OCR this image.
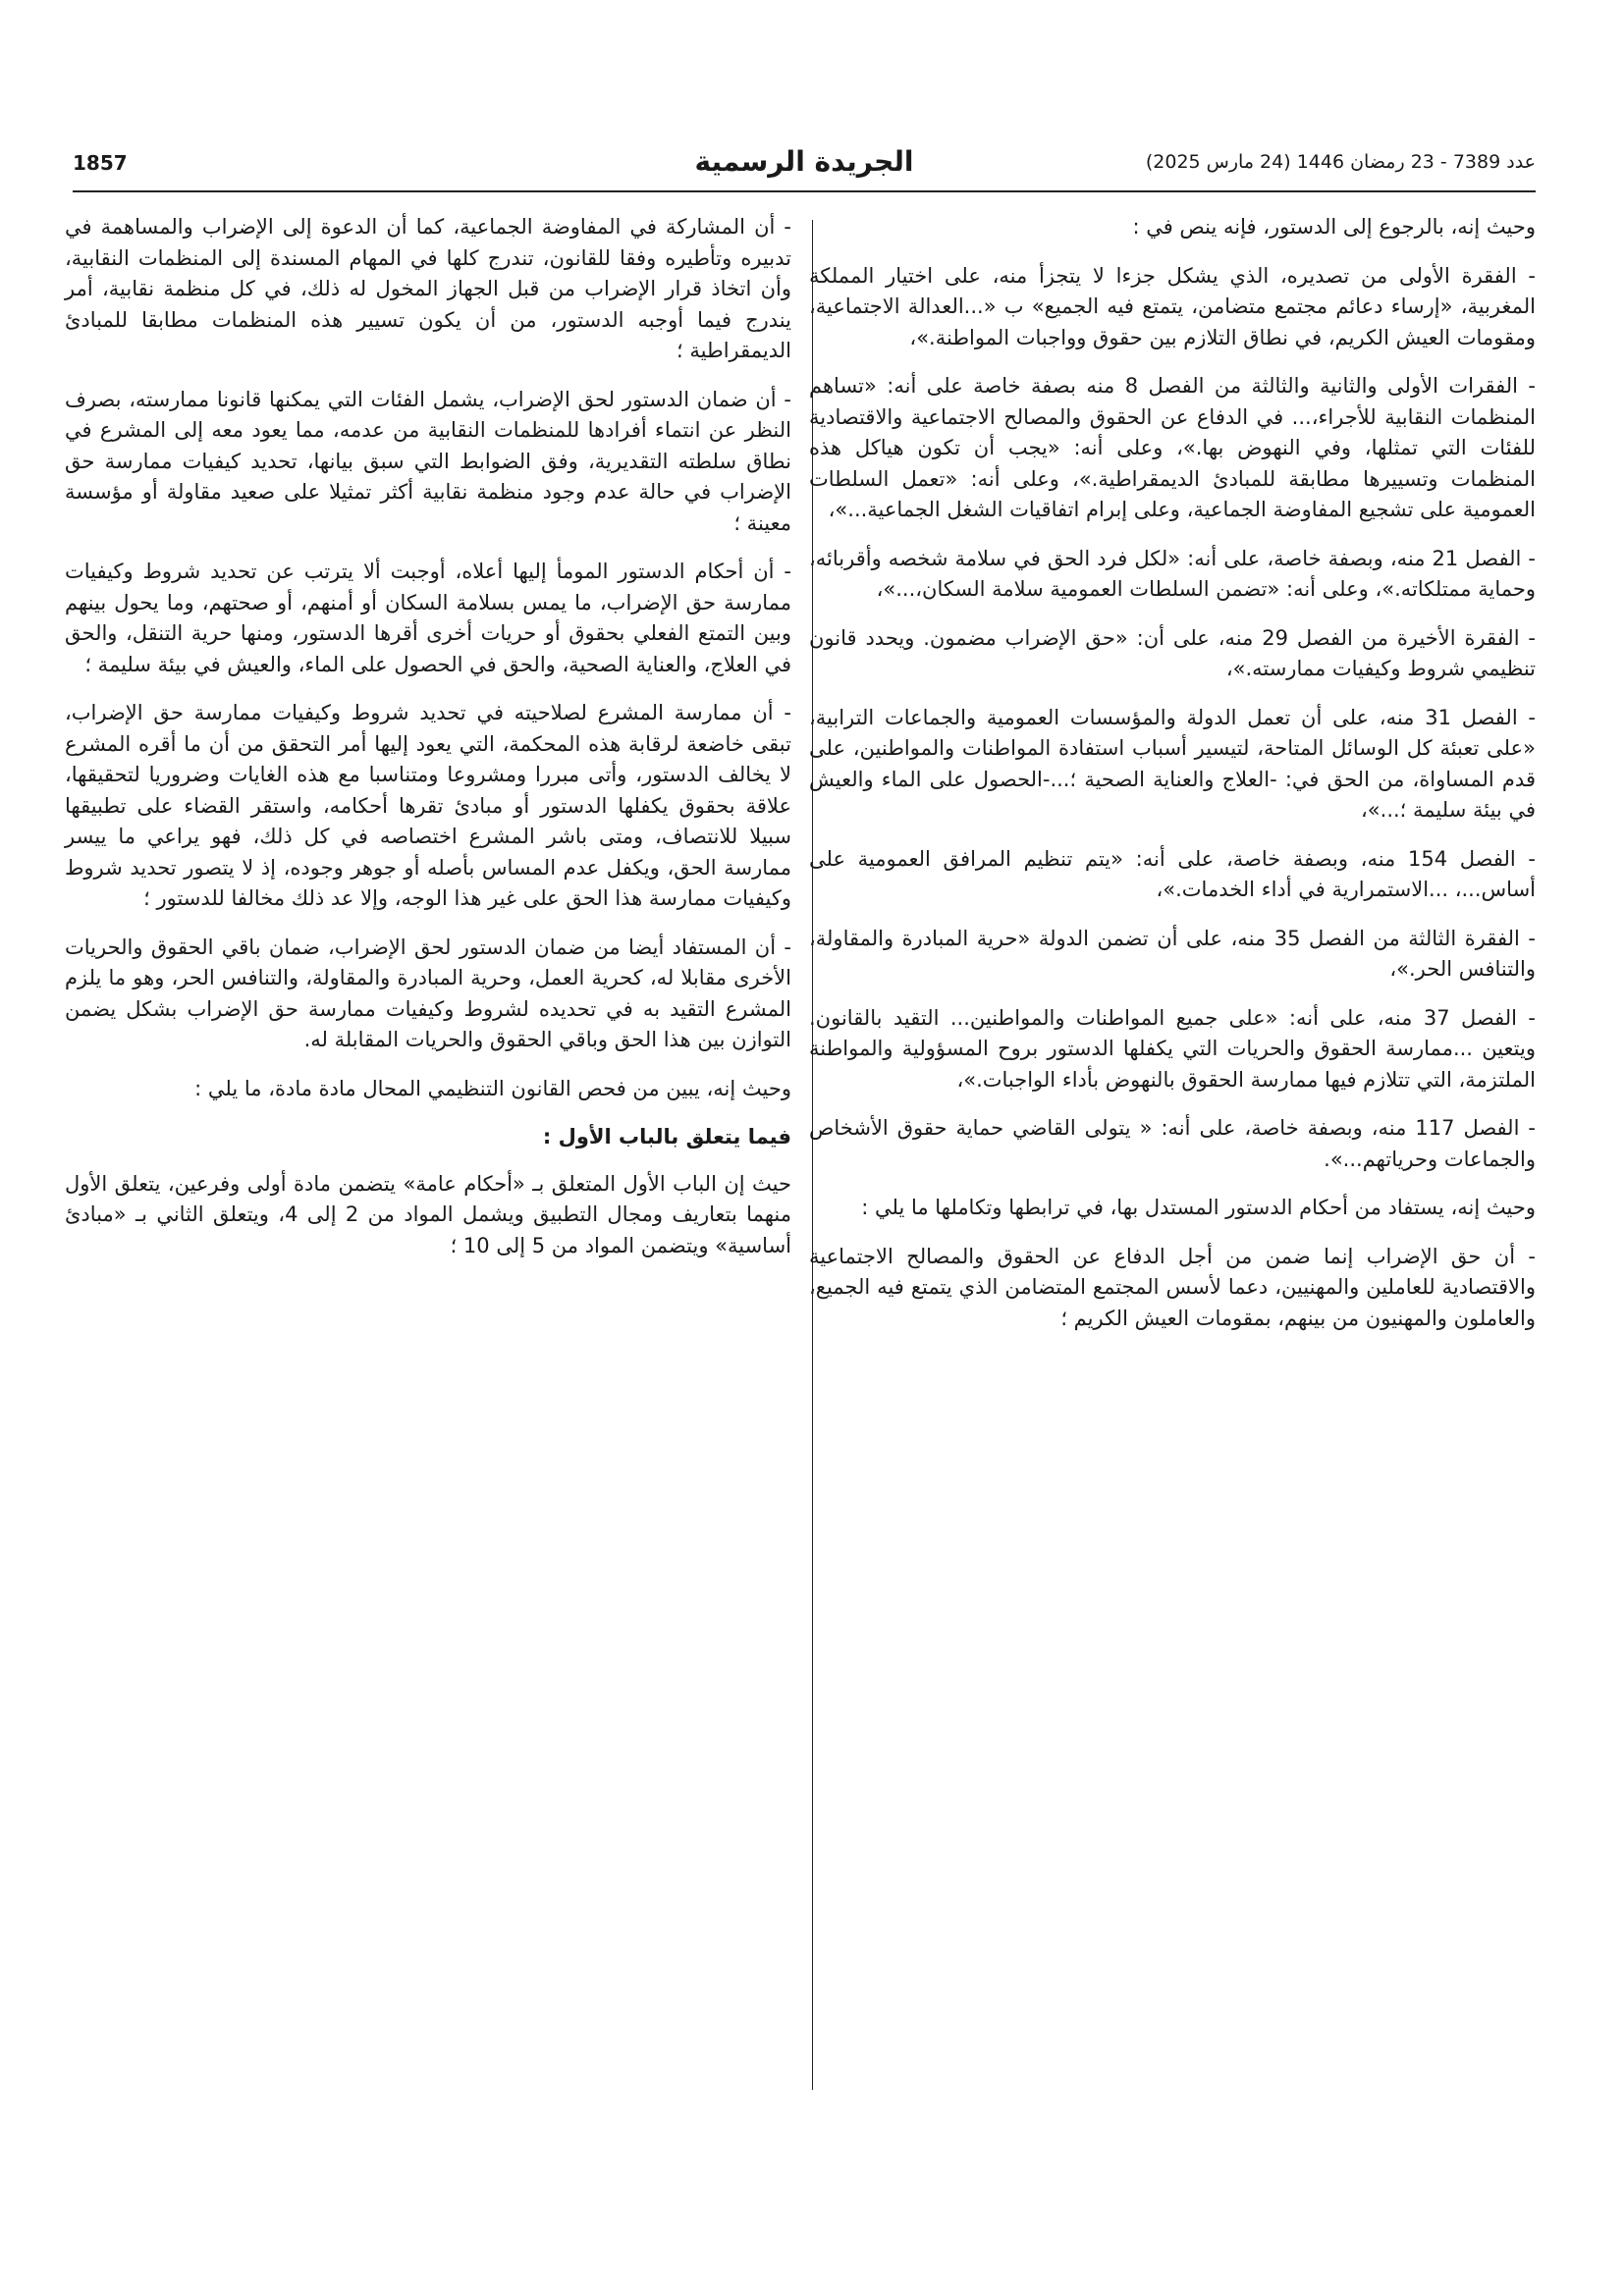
عدد 7389 - 23 رمضان 1446 (24 مارس 2025)
الجريدة الرسمية
1857

وحيث إنه، بالرجوع إلى الدستور، فإنه ينص في :

- الفقرة الأولى من تصديره، الذي يشكل جزءا لا يتجزأ منه، على اختيار المملكة المغربية، «إرساء دعائم مجتمع متضامن، يتمتع فيه الجميع» ب «...العدالة الاجتماعية، ومقومات العيش الكريم، في نطاق التلازم بين حقوق وواجبات المواطنة.»،

- الفقرات الأولى والثانية والثالثة من الفصل 8 منه بصفة خاصة على أنه: «تساهم المنظمات النقابية للأجراء،... في الدفاع عن الحقوق والمصالح الاجتماعية والاقتصادية للفئات التي تمثلها، وفي النهوض بها.»، وعلى أنه: «يجب أن تكون هياكل هذه المنظمات وتسييرها مطابقة للمبادئ الديمقراطية.»، وعلى أنه: «تعمل السلطات العمومية على تشجيع المفاوضة الجماعية، وعلى إبرام اتفاقيات الشغل الجماعية...»،

- الفصل 21 منه، وبصفة خاصة، على أنه: «لكل فرد الحق في سلامة شخصه وأقربائه، وحماية ممتلكاته.»، وعلى أنه: «تضمن السلطات العمومية سلامة السكان،...»،

- الفقرة الأخيرة من الفصل 29 منه، على أن: «حق الإضراب مضمون. ويحدد قانون تنظيمي شروط وكيفيات ممارسته.»،

- الفصل 31 منه، على أن تعمل الدولة والمؤسسات العمومية والجماعات الترابية، «على تعبئة كل الوسائل المتاحة، لتيسير أسباب استفادة المواطنات والمواطنين، على قدم المساواة، من الحق في: -العلاج والعناية الصحية ؛...-الحصول على الماء والعيش في بيئة سليمة ؛...»،

- الفصل 154 منه، وبصفة خاصة، على أنه: «يتم تنظيم المرافق العمومية على أساس...، ...الاستمرارية في أداء الخدمات.»،

- الفقرة الثالثة من الفصل 35 منه، على أن تضمن الدولة «حرية المبادرة والمقاولة، والتنافس الحر.»،

- الفصل 37 منه، على أنه: «على جميع المواطنات والمواطنين... التقيد بالقانون. ويتعين ...ممارسة الحقوق والحريات التي يكفلها الدستور بروح المسؤولية والمواطنة الملتزمة، التي تتلازم فيها ممارسة الحقوق بالنهوض بأداء الواجبات.»،

- الفصل 117 منه، وبصفة خاصة، على أنه: « يتولى القاضي حماية حقوق الأشخاص والجماعات وحرياتهم...».

وحيث إنه، يستفاد من أحكام الدستور المستدل بها، في ترابطها وتكاملها ما يلي :

- أن حق الإضراب إنما ضمن من أجل الدفاع عن الحقوق والمصالح الاجتماعية والاقتصادية للعاملين والمهنيين، دعما لأسس المجتمع المتضامن الذي يتمتع فيه الجميع، والعاملون والمهنيون من بينهم، بمقومات العيش الكريم ؛

- أن المشاركة في المفاوضة الجماعية، كما أن الدعوة إلى الإضراب والمساهمة في تدبيره وتأطيره وفقا للقانون، تندرج كلها في المهام المسندة إلى المنظمات النقابية، وأن اتخاذ قرار الإضراب من قبل الجهاز المخول له ذلك، في كل منظمة نقابية، أمر يندرج فيما أوجبه الدستور، من أن يكون تسيير هذه المنظمات مطابقا للمبادئ الديمقراطية ؛

- أن ضمان الدستور لحق الإضراب، يشمل الفئات التي يمكنها قانونا ممارسته، بصرف النظر عن انتماء أفرادها للمنظمات النقابية من عدمه، مما يعود معه إلى المشرع في نطاق سلطته التقديرية، وفق الضوابط التي سبق بيانها، تحديد كيفيات ممارسة حق الإضراب في حالة عدم وجود منظمة نقابية أكثر تمثيلا على صعيد مقاولة أو مؤسسة معينة ؛

- أن أحكام الدستور المومأ إليها أعلاه، أوجبت ألا يترتب عن تحديد شروط وكيفيات ممارسة حق الإضراب، ما يمس بسلامة السكان أو أمنهم، أو صحتهم، وما يحول بينهم وبين التمتع الفعلي بحقوق أو حريات أخرى أقرها الدستور، ومنها حرية التنقل، والحق في العلاج، والعناية الصحية، والحق في الحصول على الماء، والعيش في بيئة سليمة ؛

- أن ممارسة المشرع لصلاحيته في تحديد شروط وكيفيات ممارسة حق الإضراب، تبقى خاضعة لرقابة هذه المحكمة، التي يعود إليها أمر التحقق من أن ما أقره المشرع لا يخالف الدستور، وأتى مبررا ومشروعا ومتناسبا مع هذه الغايات وضروريا لتحقيقها، علاقة بحقوق يكفلها الدستور أو مبادئ تقرها أحكامه، واستقر القضاء على تطبيقها سبيلا للانتصاف، ومتى باشر المشرع اختصاصه في كل ذلك، فهو يراعي ما ييسر ممارسة الحق، ويكفل عدم المساس بأصله أو جوهر وجوده، إذ لا يتصور تحديد شروط وكيفيات ممارسة هذا الحق على غير هذا الوجه، وإلا عد ذلك مخالفا للدستور ؛

- أن المستفاد أيضا من ضمان الدستور لحق الإضراب، ضمان باقي الحقوق والحريات الأخرى مقابلا له، كحرية العمل، وحرية المبادرة والمقاولة، والتنافس الحر، وهو ما يلزم المشرع التقيد به في تحديده لشروط وكيفيات ممارسة حق الإضراب بشكل يضمن التوازن بين هذا الحق وباقي الحقوق والحريات المقابلة له.

وحيث إنه، يبين من فحص القانون التنظيمي المحال مادة مادة، ما يلي :

فيما يتعلق بالباب الأول :

حيث إن الباب الأول المتعلق بـ «أحكام عامة» يتضمن مادة أولى وفرعين، يتعلق الأول منهما بتعاريف ومجال التطبيق ويشمل المواد من 2 إلى 4، ويتعلق الثاني بـ «مبادئ أساسية» ويتضمن المواد من 5 إلى 10 ؛
